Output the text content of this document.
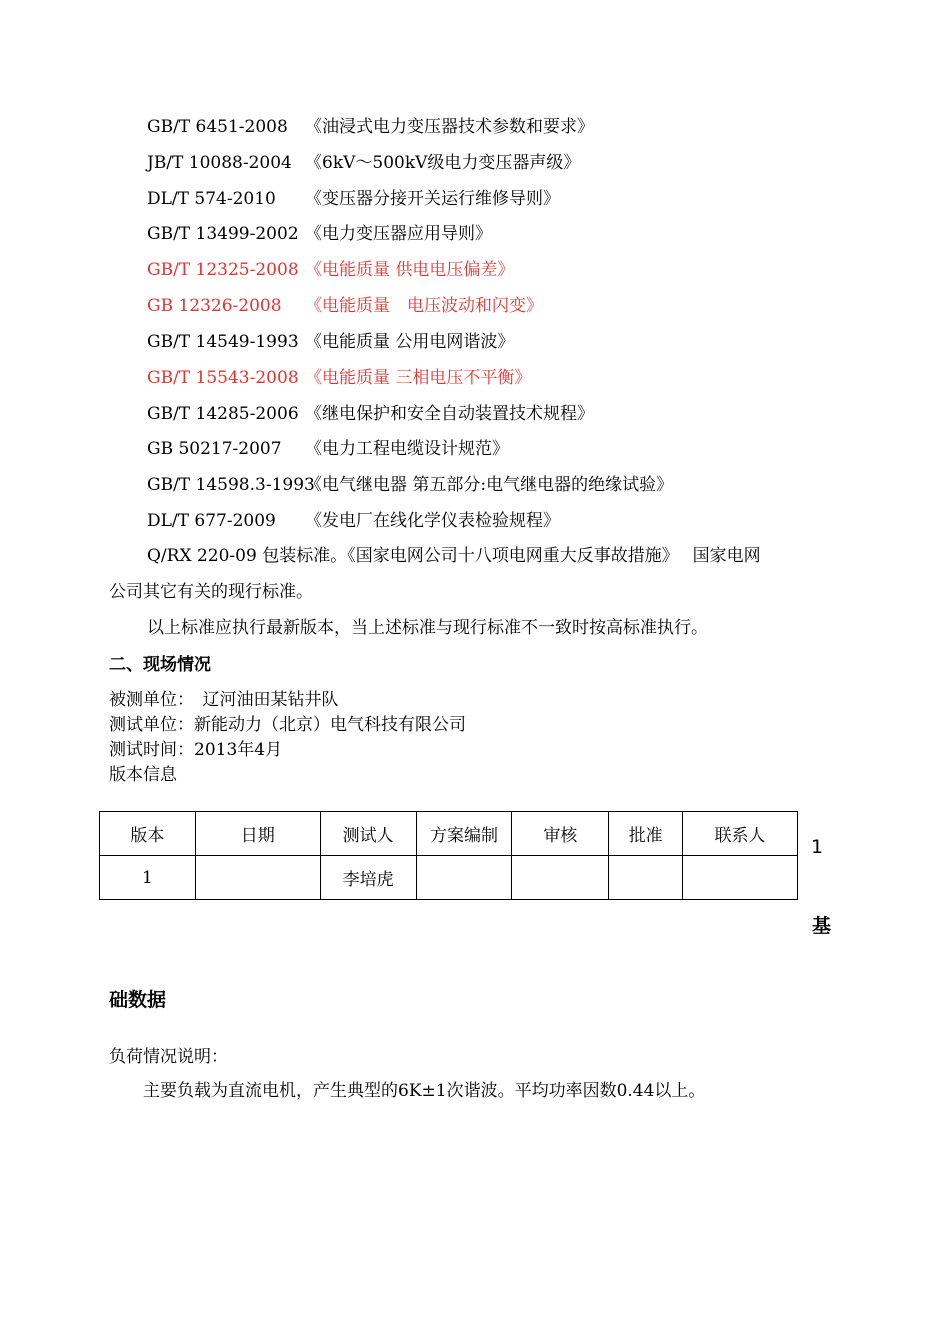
GB/T 6451-2008 《油浸式电力变压器技术参数和要求》
JB/T 10088-2004 《6kV～500kV级电力变压器声级》
DL/T 574-2010 《变压器分接开关运行维修导则》
GB/T 13499-2002 《电力变压器应用导则》
GB/T 12325-2008 《电能质量 供电电压偏差》
GB 12326-2008 《电能质量　电压波动和闪变》
GB/T 14549-1993 《电能质量 公用电网谐波》
GB/T 15543-2008 《电能质量 三相电压不平衡》
GB/T 14285-2006 《继电保护和安全自动装置技术规程》
GB 50217-2007 《电力工程电缆设计规范》
GB/T 14598.3-1993《电气继电器 第五部分:电气继电器的绝缘试验》
DL/T 677-2009 《发电厂在线化学仪表检验规程》
Q/RX 220-09 包装标准。《国家电网公司十八项电网重大反事故措施》　 国家电网
公司其它有关的现行标准。
以上标准应执行最新版本，当上述标准与现行标准不一致时按高标准执行。
二、现场情况
被测单位：　辽河油田某钻井队
测试单位：新能动力（北京）电气科技有限公司
测试时间：2013年4月
版本信息
版本	日期	测试人	方案编制	审核	批准	联系人
1		李培虎				
1
基
础数据
负荷情况说明：
主要负载为直流电机，产生典型的6K±1次谐波。平均功率因数0.44以上。
